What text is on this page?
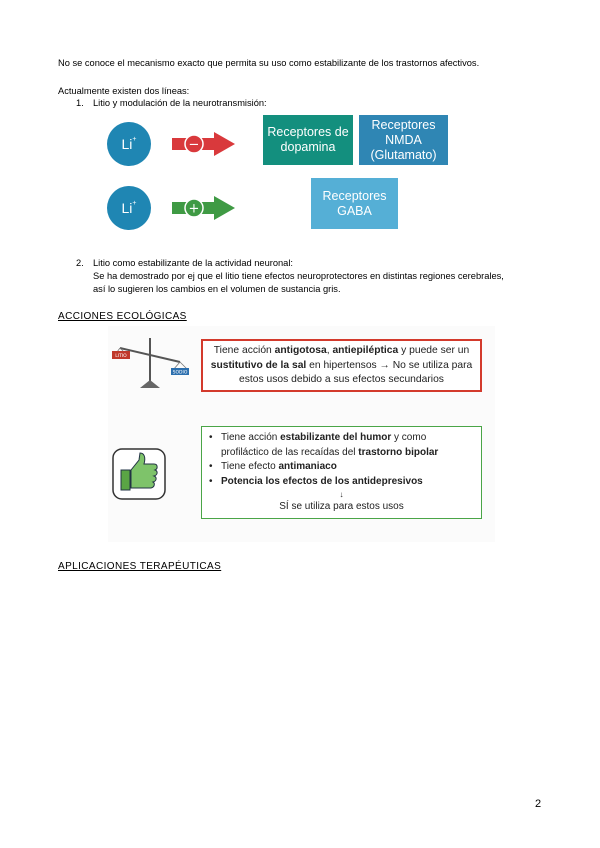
No se conoce el mecanismo exacto que permita su uso como estabilizante de los trastornos afectivos.
Actualmente existen dos líneas:
1. Litio y modulación de la neurotransmisión:
Li+	−
Receptores de
dopamina
Receptores
NMDA
(Glutamato)
Li+	+
Receptores
GABA
2. Litio como estabilizante de la actividad neuronal:
Se ha demostrado por ej que el litio tiene efectos neuroprotectores en distintas regiones cerebrales,
así lo sugieren los cambios en el volumen de sustancia gris.
ACCIONES ECOLÓGICAS
LITIO
SODIO
Tiene acción antigotosa, antiepiléptica y puede ser un sustitutivo de la sal en hipertensos → No se utiliza para estos usos debido a sus efectos secundarios
• Tiene acción estabilizante del humor y como profiláctico de las recaídas del trastorno bipolar
• Tiene efecto antimaniaco
• Potencia los efectos de los antidepresivos
↓
SÍ se utiliza para estos usos
APLICACIONES TERAPÉUTICAS
2
